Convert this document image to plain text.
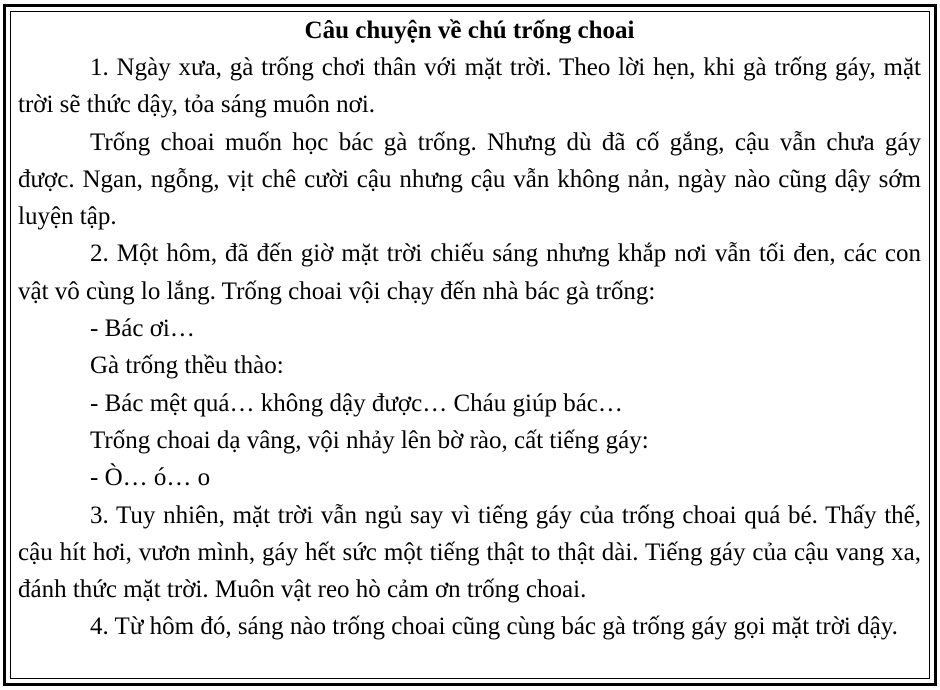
Câu chuyện về chú trống choai

1. Ngày xưa, gà trống chơi thân với mặt trời. Theo lời hẹn, khi gà trống gáy, mặt trời sẽ thức dậy, tỏa sáng muôn nơi.

Trống choai muốn học bác gà trống. Nhưng dù đã cố gắng, cậu vẫn chưa gáy được. Ngan, ngỗng, vịt chê cười cậu nhưng cậu vẫn không nản, ngày nào cũng dậy sớm luyện tập.

2. Một hôm, đã đến giờ mặt trời chiếu sáng nhưng khắp nơi vẫn tối đen, các con vật vô cùng lo lắng. Trống choai vội chạy đến nhà bác gà trống:

- Bác ơi…

Gà trống thều thào:

- Bác mệt quá… không dậy được… Cháu giúp bác…

Trống choai dạ vâng, vội nhảy lên bờ rào, cất tiếng gáy:

- Ò… ó… o

3. Tuy nhiên, mặt trời vẫn ngủ say vì tiếng gáy của trống choai quá bé. Thấy thế, cậu hít hơi, vươn mình, gáy hết sức một tiếng thật to thật dài. Tiếng gáy của cậu vang xa, đánh thức mặt trời. Muôn vật reo hò cảm ơn trống choai.

4. Từ hôm đó, sáng nào trống choai cũng cùng bác gà trống gáy gọi mặt trời dậy.
